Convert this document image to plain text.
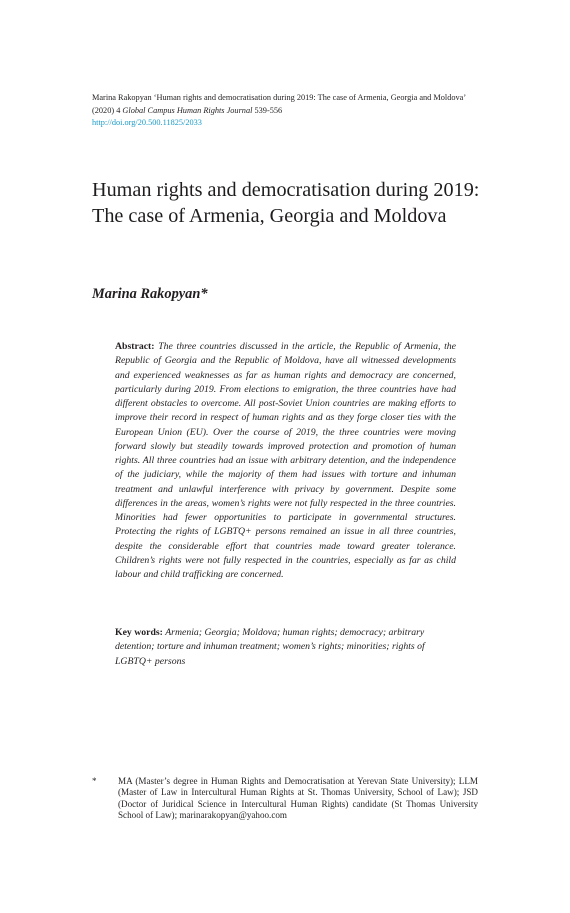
Marina Rakopyan ‘Human rights and democratisation during 2019: The case of Armenia, Georgia and Moldova’ (2020) 4 Global Campus Human Rights Journal 539-556
http://doi.org/20.500.11825/2033
Human rights and democratisation during 2019: The case of Armenia, Georgia and Moldova

Marina Rakopyan*

Abstract: The three countries discussed in the article, the Republic of Armenia, the Republic of Georgia and the Republic of Moldova, have all witnessed developments and experienced weaknesses as far as human rights and democracy are concerned, particularly during 2019. From elections to emigration, the three countries have had different obstacles to overcome. All post-Soviet Union countries are making efforts to improve their record in respect of human rights and as they forge closer ties with the European Union (EU). Over the course of 2019, the three countries were moving forward slowly but steadily towards improved protection and promotion of human rights. All three countries had an issue with arbitrary detention, and the independence of the judiciary, while the majority of them had issues with torture and inhuman treatment and unlawful interference with privacy by government. Despite some differences in the areas, women’s rights were not fully respected in the three countries. Minorities had fewer opportunities to participate in governmental structures. Protecting the rights of LGBTQ+ persons remained an issue in all three countries, despite the considerable effort that countries made toward greater tolerance. Children’s rights were not fully respected in the countries, especially as far as child labour and child trafficking are concerned.

Key words: Armenia; Georgia; Moldova; human rights; democracy; arbitrary detention; torture and inhuman treatment; women’s rights; minorities; rights of LGBTQ+ persons

* MA (Master’s degree in Human Rights and Democratisation at Yerevan State University); LLM (Master of Law in Intercultural Human Rights at St. Thomas University, School of Law); JSD (Doctor of Juridical Science in Intercultural Human Rights) candidate (St Thomas University School of Law); marinarakopyan@yahoo.com
